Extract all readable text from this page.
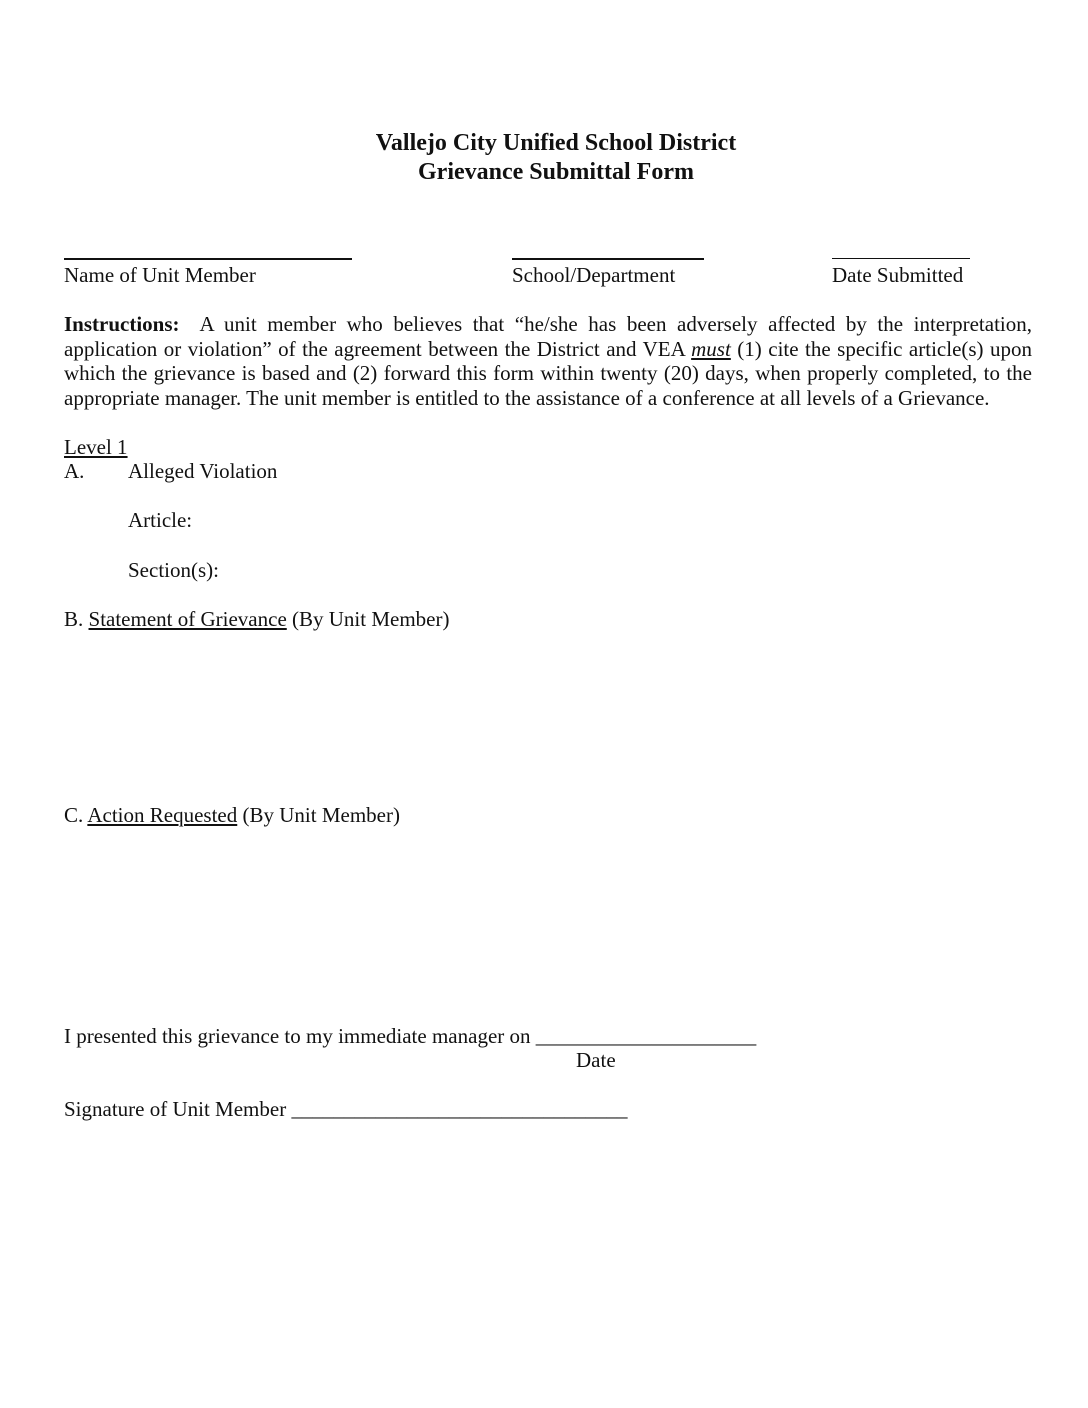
Vallejo City Unified School District
Grievance Submittal Form
Name of Unit Member	School/Department	Date Submitted
Instructions: A unit member who believes that “he/she has been adversely affected by the interpretation, application or violation” of the agreement between the District and VEA must (1) cite the specific article(s) upon which the grievance is based and (2) forward this form within twenty (20) days, when properly completed, to the appropriate manager. The unit member is entitled to the assistance of a conference at all levels of a Grievance.
Level 1
A. Alleged Violation
Article:
Section(s):
B. Statement of Grievance (By Unit Member)
C. Action Requested (By Unit Member)
I presented this grievance to my immediate manager on _____________________
Date
Signature of Unit Member ________________________________
